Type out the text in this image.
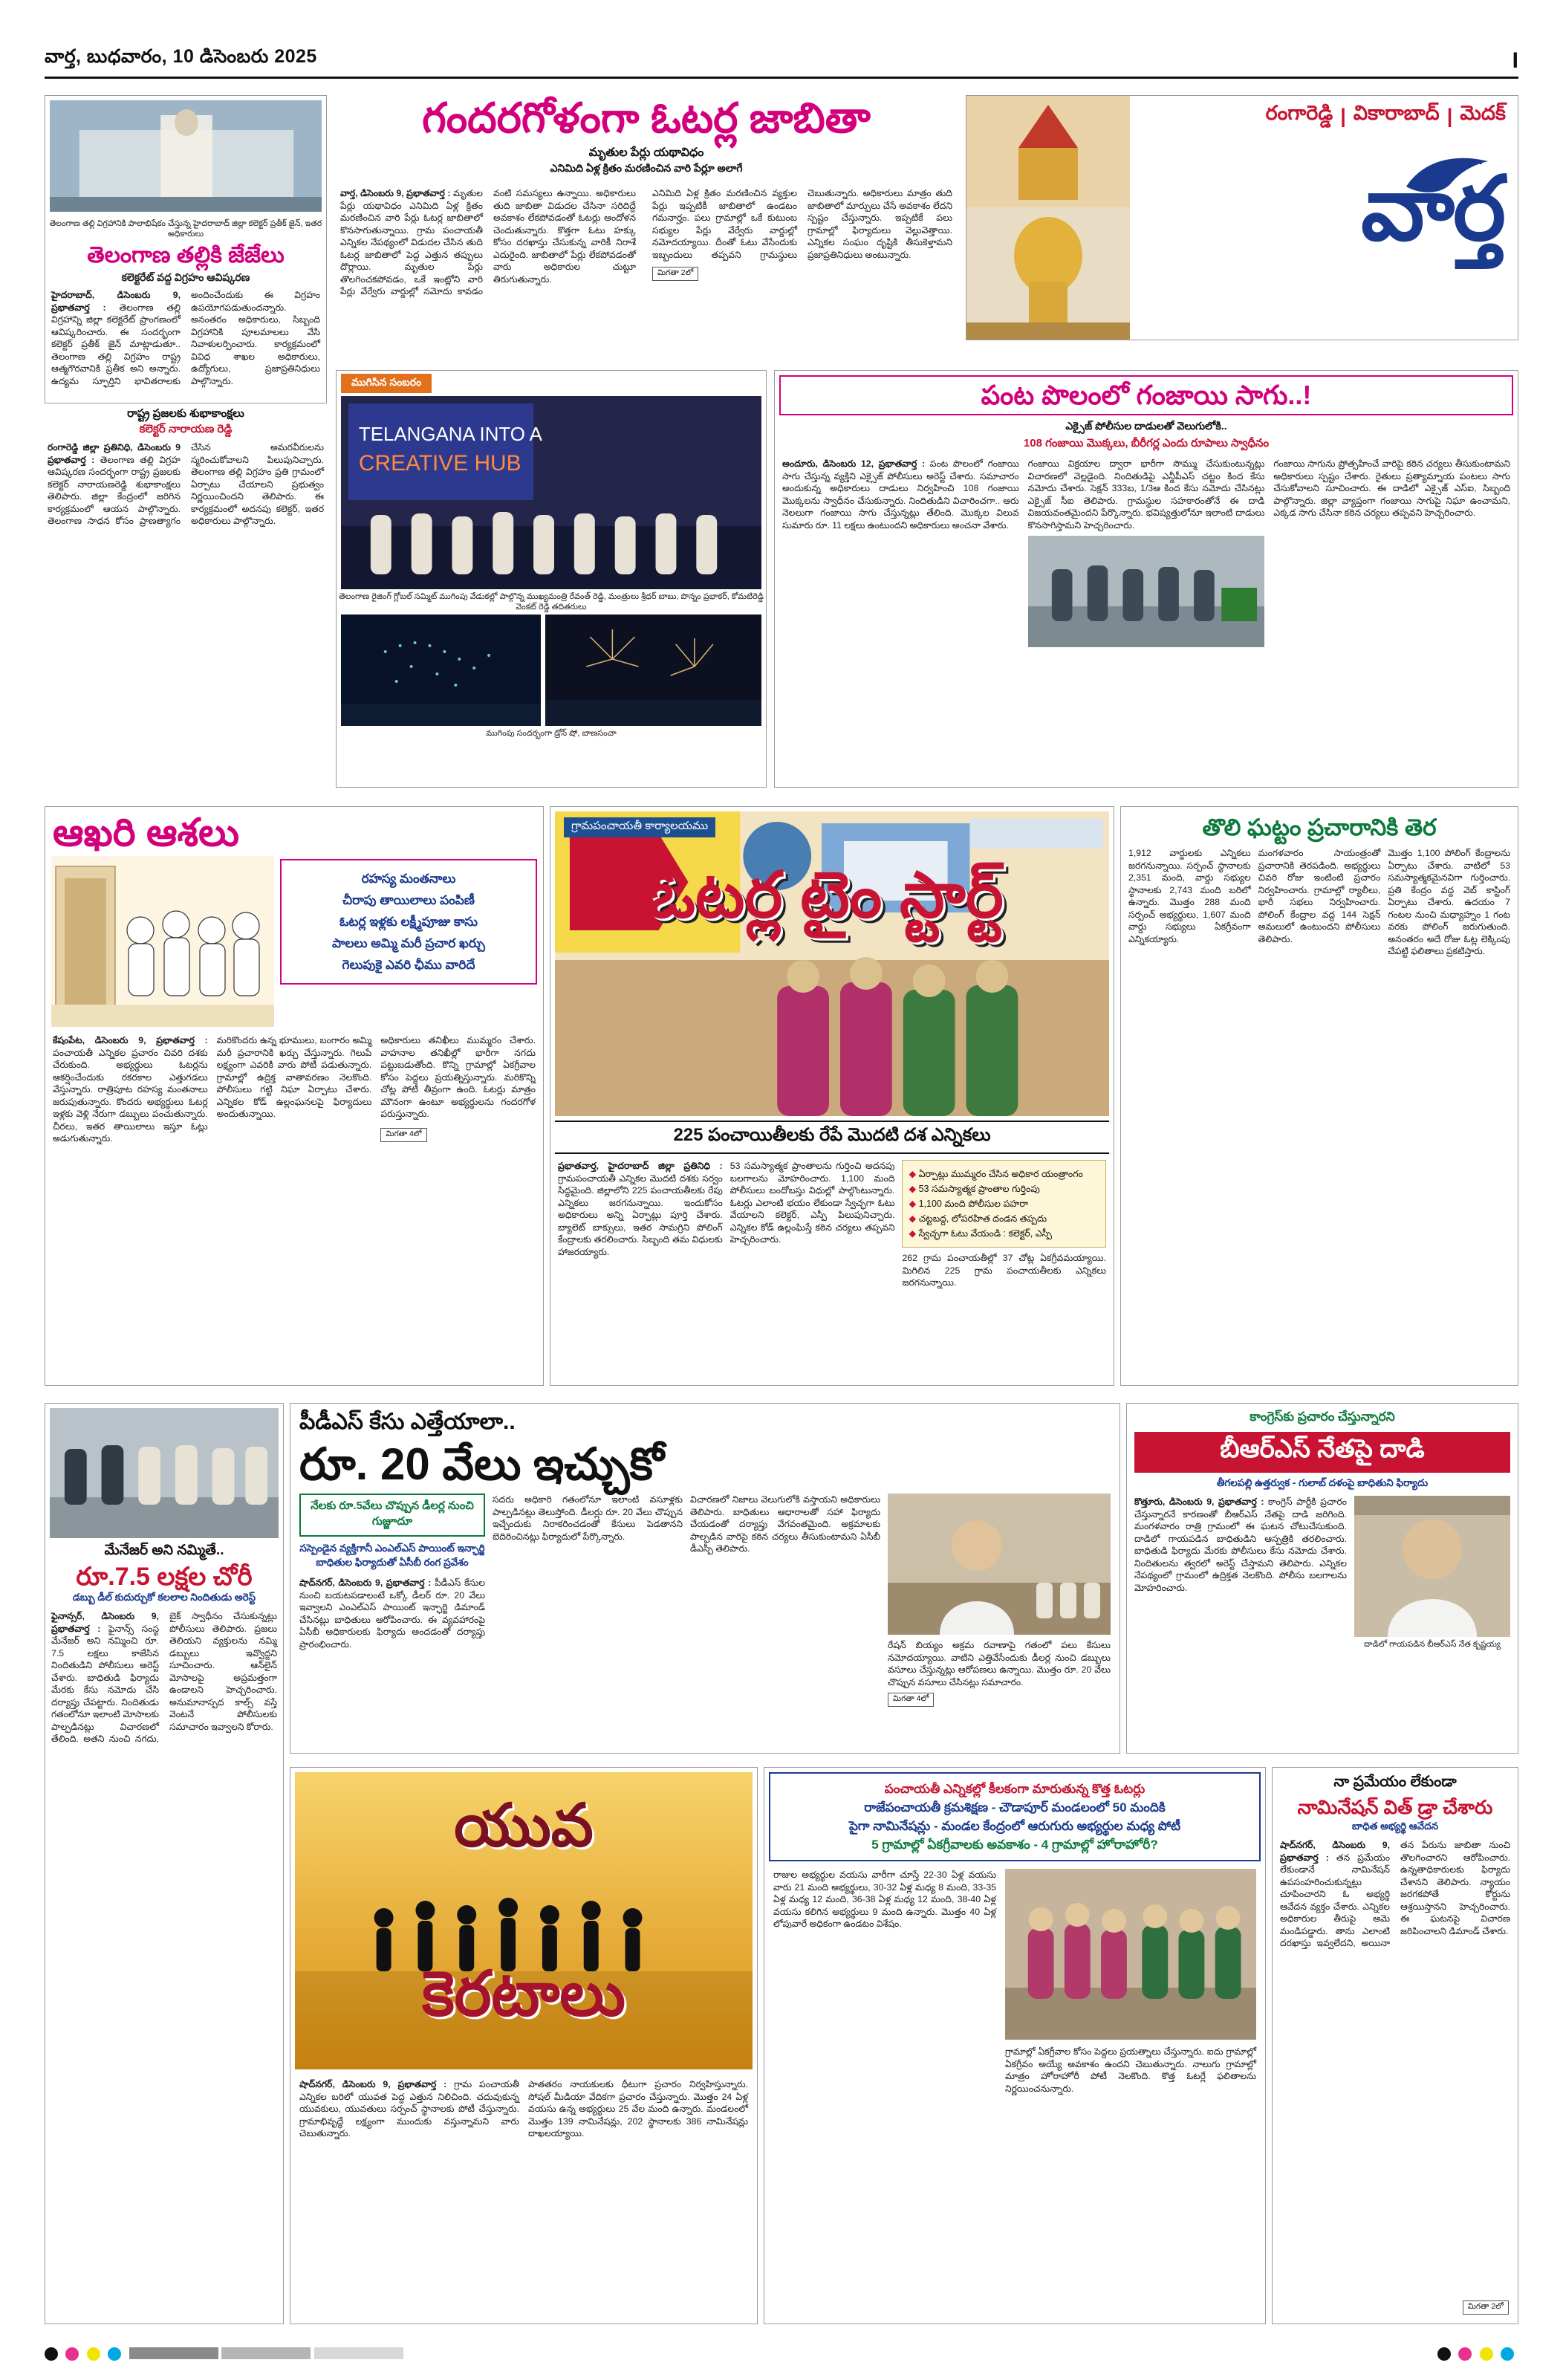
వార్త, బుధవారం, 10 డిసెంబరు 2025	I
తెలంగాణ తల్లి విగ్రహానికి పాలాభిషేకం చేస్తున్న హైదరాబాద్ జిల్లా కలెక్టర్ ప్రతీక్ జైన్, ఇతర అధికారులు
తెలంగాణ తల్లికి జేజేలు
కలెక్టరేట్ వద్ద విగ్రహం ఆవిష్కరణ
హైదరాబాద్, డిసెంబరు 9, ప్రభాతవార్త : తెలంగాణ తల్లి విగ్రహాన్ని జిల్లా కలెక్టరేట్ ప్రాంగణంలో ఆవిష్కరించారు. ఈ సందర్భంగా కలెక్టర్ ప్రతీక్ జైన్ మాట్లాడుతూ.. తెలంగాణ తల్లి విగ్రహం రాష్ట్ర ఆత్మగౌరవానికి ప్రతీక అని అన్నారు. ఉద్యమ స్ఫూర్తిని భావితరాలకు అందించేందుకు ఈ విగ్రహం ఉపయోగపడుతుందన్నారు. అనంతరం అధికారులు, సిబ్బంది విగ్రహానికి పూలమాలలు వేసి నివాళులర్పించారు. కార్యక్రమంలో వివిధ శాఖల అధికారులు, ఉద్యోగులు, ప్రజాప్రతినిధులు పాల్గొన్నారు.
రాష్ట్ర ప్రజలకు శుభాకాంక్షలు
కలెక్టర్ నారాయణ రెడ్డి
రంగారెడ్డి జిల్లా ప్రతినిధి, డిసెంబరు 9 ప్రభాతవార్త : తెలంగాణ తల్లి విగ్రహ ఆవిష్కరణ సందర్భంగా రాష్ట్ర ప్రజలకు కలెక్టర్ నారాయణరెడ్డి శుభాకాంక్షలు తెలిపారు. జిల్లా కేంద్రంలో జరిగిన కార్యక్రమంలో ఆయన పాల్గొన్నారు. తెలంగాణ సాధన కోసం ప్రాణత్యాగం చేసిన అమరవీరులను స్మరించుకోవాలని పిలుపునిచ్చారు. తెలంగాణ తల్లి విగ్రహం ప్రతి గ్రామంలో ఏర్పాటు చేయాలని ప్రభుత్వం నిర్ణయించిందని తెలిపారు. ఈ కార్యక్రమంలో అదనపు కలెక్టర్, ఇతర అధికారులు పాల్గొన్నారు.
గందరగోళంగా ఓటర్ల జాబితా
మృతుల పేర్లు యథావిధం
ఎనిమిది ఏళ్ల క్రితం మరణించిన వారి పేర్లూ అలాగే
వార్త, డిసెంబరు 9, ప్రభాతవార్త : మృతుల పేర్లు యథావిధం ఎనిమిది ఏళ్ల క్రితం మరణించిన వారి పేర్లు ఓటర్ల జాబితాలో కొనసాగుతున్నాయి. గ్రామ పంచాయతీ ఎన్నికల నేపథ్యంలో విడుదల చేసిన తుది ఓటర్ల జాబితాలో పెద్ద ఎత్తున తప్పులు దొర్లాయి. మృతుల పేర్లు తొలగించకపోవడం, ఒకే ఇంట్లోని వారి పేర్లు వేర్వేరు వార్డుల్లో నమోదు కావడం వంటి సమస్యలు ఉన్నాయి. అధికారులు తుది జాబితా విడుదల చేసినా సరిదిద్దే అవకాశం లేకపోవడంతో ఓటర్లు ఆందోళన చెందుతున్నారు. కొత్తగా ఓటు హక్కు కోసం దరఖాస్తు చేసుకున్న వారికీ నిరాశే ఎదురైంది. జాబితాలో పేర్లు లేకపోవడంతో వారు అధికారుల చుట్టూ తిరుగుతున్నారు.
ఎనిమిది ఏళ్ల క్రితం మరణించిన వ్యక్తుల పేర్లు ఇప్పటికీ జాబితాలో ఉండటం గమనార్హం. పలు గ్రామాల్లో ఒకే కుటుంబ సభ్యుల పేర్లు వేర్వేరు వార్డుల్లో నమోదయ్యాయి. దీంతో ఓటు వేసేందుకు ఇబ్బందులు తప్పవని గ్రామస్థులు చెబుతున్నారు. అధికారులు మాత్రం తుది జాబితాలో మార్పులు చేసే అవకాశం లేదని స్పష్టం చేస్తున్నారు. ఇప్పటికే పలు గ్రామాల్లో ఫిర్యాదులు వెల్లువెత్తాయి. ఎన్నికల సంఘం దృష్టికి తీసుకెళ్తామని ప్రజాప్రతినిధులు అంటున్నారు.
మిగ‌తా 2లో
రంగారెడ్డి | వికారాబాద్ | మెద‌క్
వార్త
ముగిసిన సంబరం
TELANGANA INTO A
CREATIVE HUB
తెలంగాణ రైజింగ్ గ్లోబల్ సమ్మిట్ ముగింపు వేడుకల్లో పాల్గొన్న ముఖ్యమంత్రి రేవంత్ రెడ్డి, మంత్రులు శ్రీధర్ బాబు, పొన్నం ప్రభాకర్, కోమటిరెడ్డి వెంకట్ రెడ్డి తదితరులు
ముగింపు సందర్భంగా డ్రోన్ షో, బాణసంచా
పంట పొలంలో గంజాయి సాగు..!
ఎక్సైజ్ పోలీసుల దాడులతో వెలుగులోకి..
108 గంజాయి మొక్కలు, బీరీగర్ల ఎందు రూపాలు స్వాధీనం
అందూరు, డిసెంబరు 12, ప్రభాతవార్త : పంట పొలంలో గంజాయి సాగు చేస్తున్న వ్యక్తిని ఎక్సైజ్ పోలీసులు అరెస్ట్ చేశారు. సమాచారం అందుకున్న అధికారులు దాడులు నిర్వహించి 108 గంజాయి మొక్కలను స్వాధీనం చేసుకున్నారు. నిందితుడిని విచారించగా.. ఆరు నెలలుగా గంజాయి సాగు చేస్తున్నట్లు తేలింది. మొక్కల విలువ సుమారు రూ. 11 లక్షలు ఉంటుందని అధికారులు అంచనా వేశారు.
గంజాయి విక్రయాల ద్వారా భారీగా సొమ్ము చేసుకుంటున్నట్లు విచారణలో వెల్లడైంది. నిందితుడిపై ఎన్డీపీఎస్ చట్టం కింద కేసు నమోదు చేశారు. సెక్షన్ 333బ, 1/3ఆ కింద కేసు నమోదు చేసినట్లు ఎక్సైజ్ సీఐ తెలిపారు. గ్రామస్థుల సహకారంతోనే ఈ దాడి విజయవంతమైందని పేర్కొన్నారు. భవిష్యత్తులోనూ ఇలాంటి దాడులు కొనసాగిస్తామని హెచ్చరించారు.
గంజాయి సాగును ప్రోత్సహించే వారిపై కఠిన చర్యలు తీసుకుంటామని అధికారులు స్పష్టం చేశారు. రైతులు ప్రత్యామ్నాయ పంటలు సాగు చేసుకోవాలని సూచించారు. ఈ దాడిలో ఎక్సైజ్ ఎస్ఐ, సిబ్బంది పాల్గొన్నారు. జిల్లా వ్యాప్తంగా గంజాయి సాగుపై నిఘా ఉంచామని, ఎక్కడ సాగు చేసినా కఠిన చర్యలు తప్పవని హెచ్చరించారు.
ఆఖరి ఆశలు
రహస్య మంతనాలు
చీరాపు తాయిలాలు పంపిణీ
ఓటర్ల ఇళ్లకు లక్ష్మీపూజు కాసు
పాలలు అమ్మి మరీ ప్రచార ఖర్చు
గెలుపుకై ఎవరి ఛీము వారిదే
కేషంపేట, డిసెంబరు 9, ప్రభాతవార్త : పంచాయతీ ఎన్నికల ప్రచారం చివరి దశకు చేరుకుంది. అభ్యర్థులు ఓటర్లను ఆకర్షించేందుకు రకరకాల ఎత్తుగడలు వేస్తున్నారు. రాత్రిపూట రహస్య మంతనాలు జరుపుతున్నారు. కొందరు అభ్యర్థులు ఓటర్ల ఇళ్లకు వెళ్లి నేరుగా డబ్బులు పంచుతున్నారు. చీరలు, ఇతర తాయిలాలు ఇస్తూ ఓట్లు అడుగుతున్నారు.
మరికొందరు ఉన్న భూములు, బంగారం అమ్మి మరీ ప్రచారానికి ఖర్చు చేస్తున్నారు. గెలుపే లక్ష్యంగా ఎవరికి వారు పోటీ పడుతున్నారు. గ్రామాల్లో ఉద్రిక్త వాతావరణం నెలకొంది. పోలీసులు గట్టి నిఘా ఏర్పాటు చేశారు. ఎన్నికల కోడ్ ఉల్లంఘనలపై ఫిర్యాదులు అందుతున్నాయి.
అధికారులు తనిఖీలు ముమ్మరం చేశారు. వాహనాల తనిఖీల్లో భారీగా నగదు పట్టుబడుతోంది. కొన్ని గ్రామాల్లో ఏకగ్రీవాల కోసం పెద్దలు ప్రయత్నిస్తున్నారు. మరికొన్ని చోట్ల పోటీ తీవ్రంగా ఉంది. ఓటర్లు మాత్రం మౌనంగా ఉంటూ అభ్యర్థులను గందరగోళ పరుస్తున్నారు.
మిగ‌తా 4లో
గ్రామపంచాయతీ కార్యాలయము
ఓటర్ల టైం స్టార్ట్
225 పంచాయితీలకు రేపే మొదటి దశ ఎన్నికలు
ప్రభాతవార్త, హైదరాబాద్ జిల్లా ప్రతినిధి : గ్రామపంచాయతీ ఎన్నికల మొదటి దశకు సర్వం సిద్ధమైంది. జిల్లాలోని 225 పంచాయతీలకు రేపు ఎన్నికలు జరగనున్నాయి. ఇందుకోసం అధికారులు అన్ని ఏర్పాట్లు పూర్తి చేశారు. బ్యాలెట్ బాక్సులు, ఇతర సామగ్రిని పోలింగ్ కేంద్రాలకు తరలించారు. సిబ్బంది తమ విధులకు హాజరయ్యారు.
53 సమస్యాత్మక ప్రాంతాలను గుర్తించి అదనపు బలగాలను మోహరించారు. 1,100 మంది పోలీసులు బందోబస్తు విధుల్లో పాల్గొంటున్నారు. ఓటర్లు ఎలాంటి భయం లేకుండా స్వేచ్ఛగా ఓటు వేయాలని కలెక్టర్, ఎస్పీ పిలుపునిచ్చారు. ఎన్నికల కోడ్ ఉల్లంఘిస్తే కఠిన చర్యలు తప్పవని హెచ్చరించారు.
◆ ఏర్పాట్లు ముమ్మరం చేసిన అధికార యంత్రాంగం
◆ 53 సమస్యాత్మక ప్రాంతాల గుర్తింపు
◆ 1,100 మంది పోలీసుల పహరా
◆ చట్టబద్ద, లోపరహిత దండన తప్పదు
◆ స్వేచ్ఛగా ఓటు వేయండి : కలెక్టర్, ఎస్పీ
262 గ్రామ పంచాయతీల్లో 37 చోట్ల ఏకగ్రీవమయ్యాయి. మిగిలిన 225 గ్రామ పంచాయతీలకు ఎన్నికలు జరగనున్నాయి.
తొలి ఘట్టం ప్రచారానికి తెర
1,912 వార్డులకు ఎన్నికలు జరగనున్నాయి. సర్పంచ్ స్థానాలకు 2,351 మంది, వార్డు సభ్యుల స్థానాలకు 2,743 మంది బరిలో ఉన్నారు. మొత్తం 288 మంది సర్పంచ్ అభ్యర్థులు, 1,607 మంది వార్డు సభ్యులు ఏకగ్రీవంగా ఎన్నికయ్యారు.
మంగళవారం సాయంత్రంతో ప్రచారానికి తెరపడింది. అభ్యర్థులు చివరి రోజు ఇంటింటి ప్రచారం నిర్వహించారు. గ్రామాల్లో ర్యాలీలు, భారీ సభలు నిర్వహించారు. పోలింగ్ కేంద్రాల వద్ద 144 సెక్షన్ అమలులో ఉంటుందని పోలీసులు తెలిపారు.
మొత్తం 1,100 పోలింగ్ కేంద్రాలను ఏర్పాటు చేశారు. వాటిలో 53 సమస్యాత్మకమైనవిగా గుర్తించారు. ప్రతి కేంద్రం వద్ద వెబ్ కాస్టింగ్ ఏర్పాటు చేశారు. ఉదయం 7 గంటల నుంచి మధ్యాహ్నం 1 గంట వరకు పోలింగ్ జరుగుతుంది. అనంతరం అదే రోజు ఓట్ల లెక్కింపు చేపట్టి ఫలితాలు ప్రకటిస్తారు.
పీడీఎస్ కేసు ఎత్తేయాలా..
రూ. 20 వేలు ఇచ్చుకో
నేలకు రూ.5వేలు చొప్పున డీలర్ల నుంచి గుజ్జూదూ
సస్పెండైన వ్యక్తిగానీ ఎంఎల్ఎస్ పాయింట్ ఇన్ఛార్జి బాధితుల ఫిర్యాదుతో ఏసీబీ రంగ ప్రవేశం
షాద్‌నగర్, డిసెంబరు 9, ప్రభాతవార్త : పీడీఎస్ కేసుల నుంచి బయటపడాలంటే ఒక్కో డీలర్ రూ. 20 వేలు ఇవ్వాలని ఎంఎల్ఎస్ పాయింట్ ఇన్ఛార్జి డిమాండ్ చేసినట్లు బాధితులు ఆరోపించారు. ఈ వ్యవహారంపై ఏసీబీ అధికారులకు ఫిర్యాదు అందడంతో దర్యాప్తు ప్రారంభించారు.
సదరు అధికారి గతంలోనూ ఇలాంటి వసూళ్లకు పాల్పడినట్లు తెలుస్తోంది. డీలర్లు రూ. 20 వేలు చొప్పున ఇచ్చేందుకు నిరాకరించడంతో కేసులు పెడతానని బెదిరించినట్లు ఫిర్యాదులో పేర్కొన్నారు.
విచారణలో నిజాలు వెలుగులోకి వస్తాయని అధికారులు తెలిపారు. బాధితులు ఆధారాలతో సహా ఫిర్యాదు చేయడంతో దర్యాప్తు వేగవంతమైంది. అక్రమాలకు పాల్పడిన వారిపై కఠిన చర్యలు తీసుకుంటామని ఏసీబీ డీఎస్పీ తెలిపారు.
రేషన్ బియ్యం అక్రమ రవాణాపై గతంలో పలు కేసులు నమోదయ్యాయి. వాటిని ఎత్తివేసేందుకు డీలర్ల నుంచి డబ్బులు వసూలు చేస్తున్నట్లు ఆరోపణలు ఉన్నాయి. మొత్తం రూ. 20 వేలు చొప్పున వసూలు చేసినట్లు సమాచారం.
మిగ‌తా 4లో
మేనేజర్ అని నమ్మితే..
రూ.7.5 లక్షల చోరీ
డబ్బు డీల్ కుదుర్చుకో కలలాల నిందితుడు అరెస్ట్
ఫైనాన్సర్, డిసెంబరు 9, ప్రభాతవార్త : ఫైనాన్స్ సంస్థ మేనేజర్ అని నమ్మించి రూ. 7.5 లక్షలు కాజేసిన నిందితుడిని పోలీసులు అరెస్ట్ చేశారు. బాధితుడి ఫిర్యాదు మేరకు కేసు నమోదు చేసి దర్యాప్తు చేపట్టారు. నిందితుడు గతంలోనూ ఇలాంటి మోసాలకు పాల్పడినట్లు విచారణలో తేలింది. అతని నుంచి నగదు, బైక్ స్వాధీనం చేసుకున్నట్లు పోలీసులు తెలిపారు. ప్రజలు తెలియని వ్యక్తులను నమ్మి డబ్బులు ఇవ్వొద్దని సూచించారు. ఆన్‌లైన్ మోసాలపై అప్రమత్తంగా ఉండాలని హెచ్చరించారు. అనుమానాస్పద కాల్స్ వస్తే వెంటనే పోలీసులకు సమాచారం ఇవ్వాలని కోరారు.
కాంగ్రెస్‌కు ప్రచారం చేస్తున్నారని
బీఆర్ఎస్ నేతపై దాడి
తీగలపల్లి ఉత్తర్వుక - గులాబ్ దళంపై బాధితుని ఫిర్యాదు
కొత్తూరు, డిసెంబరు 9, ప్రభాతవార్త : కాంగ్రెస్ పార్టీకి ప్రచారం చేస్తున్నారనే కారణంతో బీఆర్ఎస్ నేతపై దాడి జరిగింది. మంగళవారం రాత్రి గ్రామంలో ఈ ఘటన చోటుచేసుకుంది. దాడిలో గాయపడిన బాధితుడిని ఆస్పత్రికి తరలించారు. బాధితుడి ఫిర్యాదు మేరకు పోలీసులు కేసు నమోదు చేశారు. నిందితులను త్వరలో అరెస్ట్ చేస్తామని తెలిపారు. ఎన్నికల నేపథ్యంలో గ్రామంలో ఉద్రిక్తత నెలకొంది. పోలీసు బలగాలను మోహరించారు.
దాడిలో గాయపడిన బీఆర్ఎస్ నేత కృష్ణయ్య
యువ
కెరటాలు
షాద్‌నగర్, డిసెంబరు 9, ప్రభాతవార్త : గ్రామ పంచాయతీ ఎన్నికల బరిలో యువత పెద్ద ఎత్తున నిలిచింది. చదువుకున్న యువకులు, యువతులు సర్పంచ్ స్థానాలకు పోటీ చేస్తున్నారు. గ్రామాభివృద్ధే లక్ష్యంగా ముందుకు వస్తున్నామని వారు చెబుతున్నారు.
పాతతరం నాయకులకు ధీటుగా ప్రచారం నిర్వహిస్తున్నారు. సోషల్ మీడియా వేదికగా ప్రచారం చేస్తున్నారు. మొత్తం 24 ఏళ్ల వయసు ఉన్న అభ్యర్థులు 25 వేల మంది ఉన్నారు. మండలంలో మొత్తం 139 నామినేషన్లు, 202 స్థానాలకు 386 నామినేషన్లు దాఖలయ్యాయి.
పంచాయతీ ఎన్నికల్లో కీలకంగా మారుతున్న కొత్త ఓటర్లు
రాజేపంచాయతీ క్రమశిక్షణ - చౌడాపూర్ మండలంలో 50 మందికి
పైగా నామినేషన్లు - మండల కేంద్రంలో ఆరుగురు అభ్యర్థుల మధ్య పోటీ
5 గ్రామాల్లో ఏకగ్రీవాలకు అవకాశం - 4 గ్రామాల్లో హోరాహోరీ?
రాజుల అభ్యర్థుల వయసు వారీగా చూస్తే 22-30 ఏళ్ల వయసు వారు 21 మంది అభ్యర్థులు, 30-32 ఏళ్ల మధ్య 8 మంది, 33-35 ఏళ్ల మధ్య 12 మంది, 36-38 ఏళ్ల మధ్య 12 మంది, 38-40 ఏళ్ల వయసు కలిగిన అభ్యర్థులు 9 మంది ఉన్నారు. మొత్తం 40 ఏళ్ల లోపువారే అధికంగా ఉండటం విశేషం.
గ్రామాల్లో ఏకగ్రీవాల కోసం పెద్దలు ప్రయత్నాలు చేస్తున్నారు. ఐదు గ్రామాల్లో ఏకగ్రీవం అయ్యే అవకాశం ఉందని చెబుతున్నారు. నాలుగు గ్రామాల్లో మాత్రం హోరాహోరీ పోటీ నెలకొంది. కొత్త ఓటర్లే ఫలితాలను నిర్ణయించనున్నారు.
నా ప్రమేయం లేకుండా
నామినేషన్ విత్ డ్రా చేశారు
బాధిత అభ్యర్థి ఆవేదన
షాద్‌నగర్, డిసెంబరు 9, ప్రభాతవార్త : తన ప్రమేయం లేకుండానే నామినేషన్ ఉపసంహరించుకున్నట్లు చూపించారని ఓ అభ్యర్థి ఆవేదన వ్యక్తం చేశారు. ఎన్నికల అధికారుల తీరుపై ఆమె మండిపడ్డారు. తాను ఎలాంటి దరఖాస్తు ఇవ్వలేదని, అయినా తన పేరును జాబితా నుంచి తొలగించారని ఆరోపించారు. ఉన్నతాధికారులకు ఫిర్యాదు చేశానని తెలిపారు. న్యాయం జరగకపోతే కోర్టును ఆశ్రయిస్తానని హెచ్చరించారు. ఈ ఘటనపై విచారణ జరిపించాలని డిమాండ్ చేశారు.
మిగ‌తా 2లో
